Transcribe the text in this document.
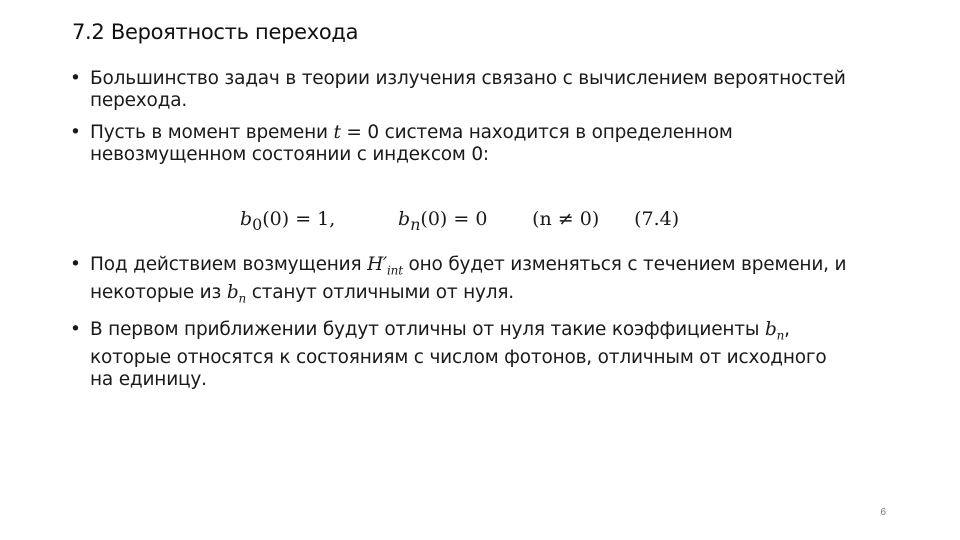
7.2 Вероятность перехода
• Большинство задач в теории излучения связано с вычислением вероятностей перехода.
• Пусть в момент времени t = 0 система находится в определенном невозмущенном состоянии с индексом 0:
• Под действием возмущения $H'_{int}$ оно будет изменяться с течением времени, и некоторые из $b_n$ станут отличными от нуля.
• В первом приближении будут отличны от нуля такие коэффициенты $b_n$, которые относятся к состояниям с числом фотонов, отличным от исходного на единицу.
$b_0(0) = 1$,	$b_n(0) = 0$ (n ≠ 0) (7.4)
6
